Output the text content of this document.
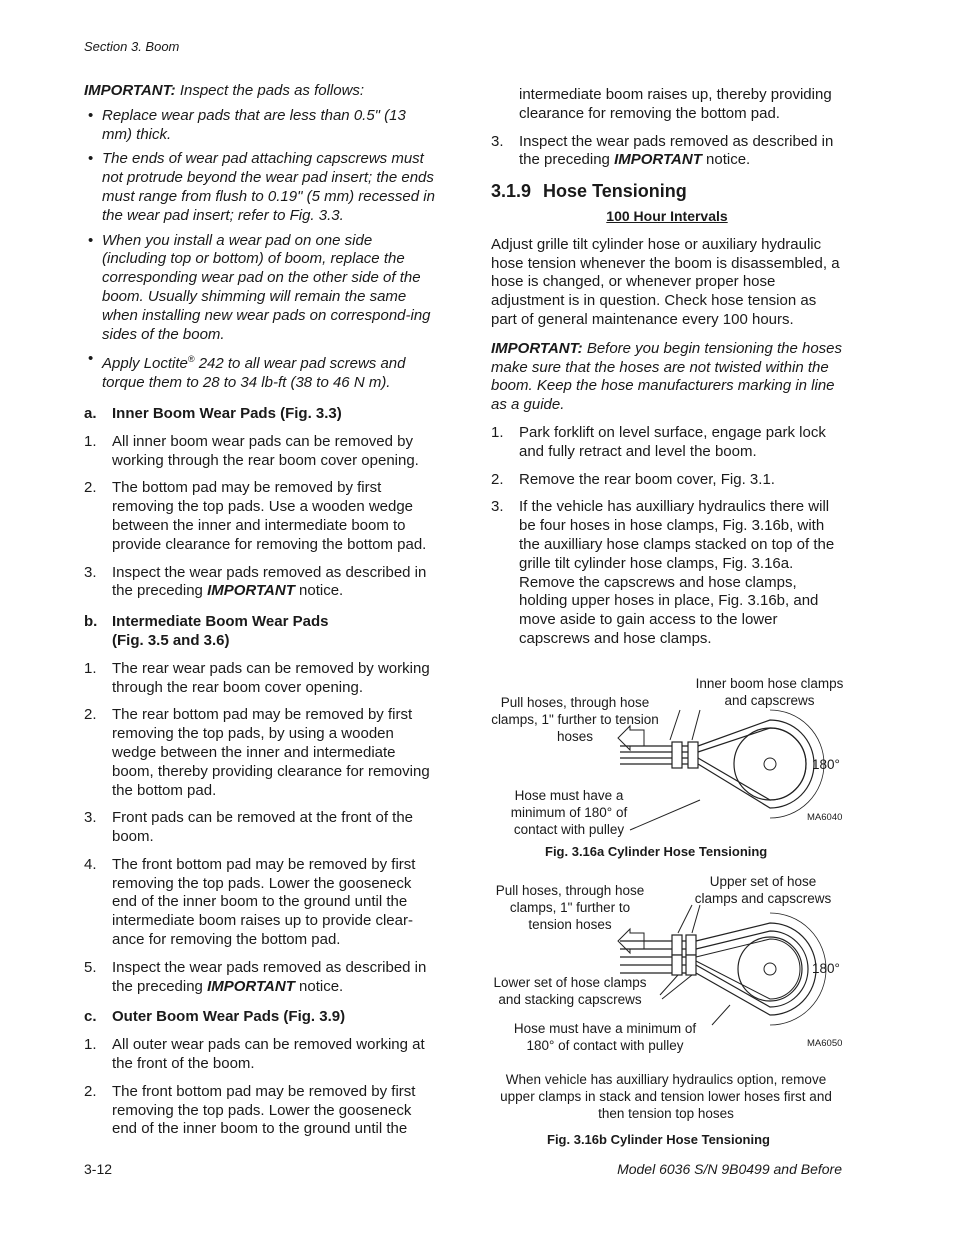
Section 3. Boom

IMPORTANT: Inspect the pads as follows:

• Replace wear pads that are less than 0.5" (13 mm) thick.
• The ends of wear pad attaching capscrews must not protrude beyond the wear pad insert; the ends must range from flush to 0.19" (5 mm) recessed in the wear pad insert; refer to Fig. 3.3.
• When you install a wear pad on one side (including top or bottom) of boom, replace the corresponding wear pad on the other side of the boom. Usually shimming will remain the same when installing new wear pads on correspond-ing sides of the boom.
• Apply Loctite® 242 to all wear pad screws and torque them to 28 to 34 lb-ft (38 to 46 N m).
a. Inner Boom Wear Pads (Fig. 3.3)
1. All inner boom wear pads can be removed by working through the rear boom cover opening.
2. The bottom pad may be removed by first removing the top pads. Use a wooden wedge between the inner and intermediate boom to provide clearance for removing the bottom pad.
3. Inspect the wear pads removed as described in the preceding IMPORTANT notice.
b. Intermediate Boom Wear Pads
(Fig. 3.5 and 3.6)
1. The rear wear pads can be removed by working through the rear boom cover opening.
2. The rear bottom pad may be removed by first removing the top pads, by using a wooden wedge between the inner and intermediate boom, thereby providing clearance for removing the bottom pad.
3. Front pads can be removed at the front of the boom.
4. The front bottom pad may be removed by first removing the top pads. Lower the gooseneck end of the inner boom to the ground until the intermediate boom raises up to provide clear-ance for removing the bottom pad.
5. Inspect the wear pads removed as described in the preceding IMPORTANT notice.
c. Outer Boom Wear Pads (Fig. 3.9)
1. All outer wear pads can be removed working at the front of the boom.
2. The front bottom pad may be removed by first removing the top pads. Lower the gooseneck end of the inner boom to the ground until the
intermediate boom raises up, thereby providing clearance for removing the bottom pad.
3. Inspect the wear pads removed as described in the preceding IMPORTANT notice.
3.1.9 Hose Tensioning
100 Hour Intervals

Adjust grille tilt cylinder hose or auxiliary hydraulic hose tension whenever the boom is disassembled, a hose is changed, or whenever proper hose adjustment is in question. Check hose tension as part of general maintenance every 100 hours.

IMPORTANT: Before you begin tensioning the hoses make sure that the hoses are not twisted within the boom. Keep the hose manufacturers marking in line as a guide.

1. Park forklift on level surface, engage park lock and fully retract and level the boom.
2. Remove the rear boom cover, Fig. 3.1.
3. If the vehicle has auxilliary hydraulics there will be four hoses in hose clamps, Fig. 3.16b, with the auxilliary hose clamps stacked on top of the grille tilt cylinder hose clamps, Fig. 3.16a. Remove the capscrews and hose clamps, holding upper hoses in place, Fig. 3.16b, and move aside to gain access to the lower capscrews and hose clamps.
Pull hoses, through hose clamps, 1" further to tension hoses
Inner boom hose clamps and capscrews
Hose must have a minimum of 180° of contact with pulley
180°
MA6040
Fig. 3.16a Cylinder Hose Tensioning
Pull hoses, through hose clamps, 1" further to tension hoses
Upper set of hose clamps and capscrews
Lower set of hose clamps and stacking capscrews
Hose must have a minimum of 180° of contact with pulley
180°
MA6050
When vehicle has auxilliary hydraulics option, remove upper clamps in stack and tension lower hoses first and then tension top hoses
Fig. 3.16b Cylinder Hose Tensioning
3-12	Model 6036 S/N 9B0499 and Before
